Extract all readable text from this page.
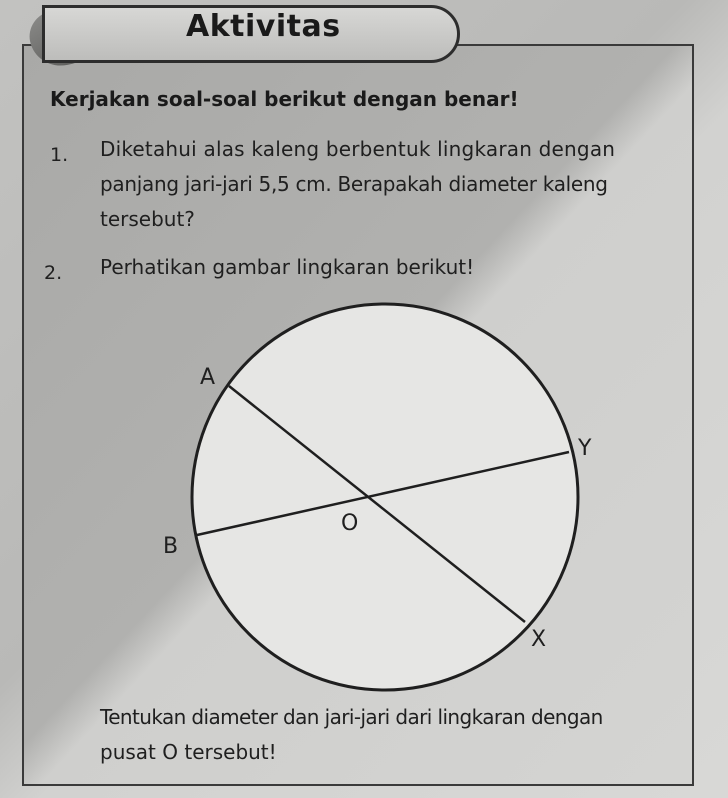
Aktivitas
Kerjakan soal-soal berikut dengan benar!
1. Diketahui alas kaleng berbentuk lingkaran dengan
panjang jari-jari 5,5 cm. Berapakah diameter kaleng
tersebut?
2. Perhatikan gambar lingkaran berikut!
A
B
O
X
Y
Tentukan diameter dan jari-jari dari lingkaran dengan
pusat O tersebut!
